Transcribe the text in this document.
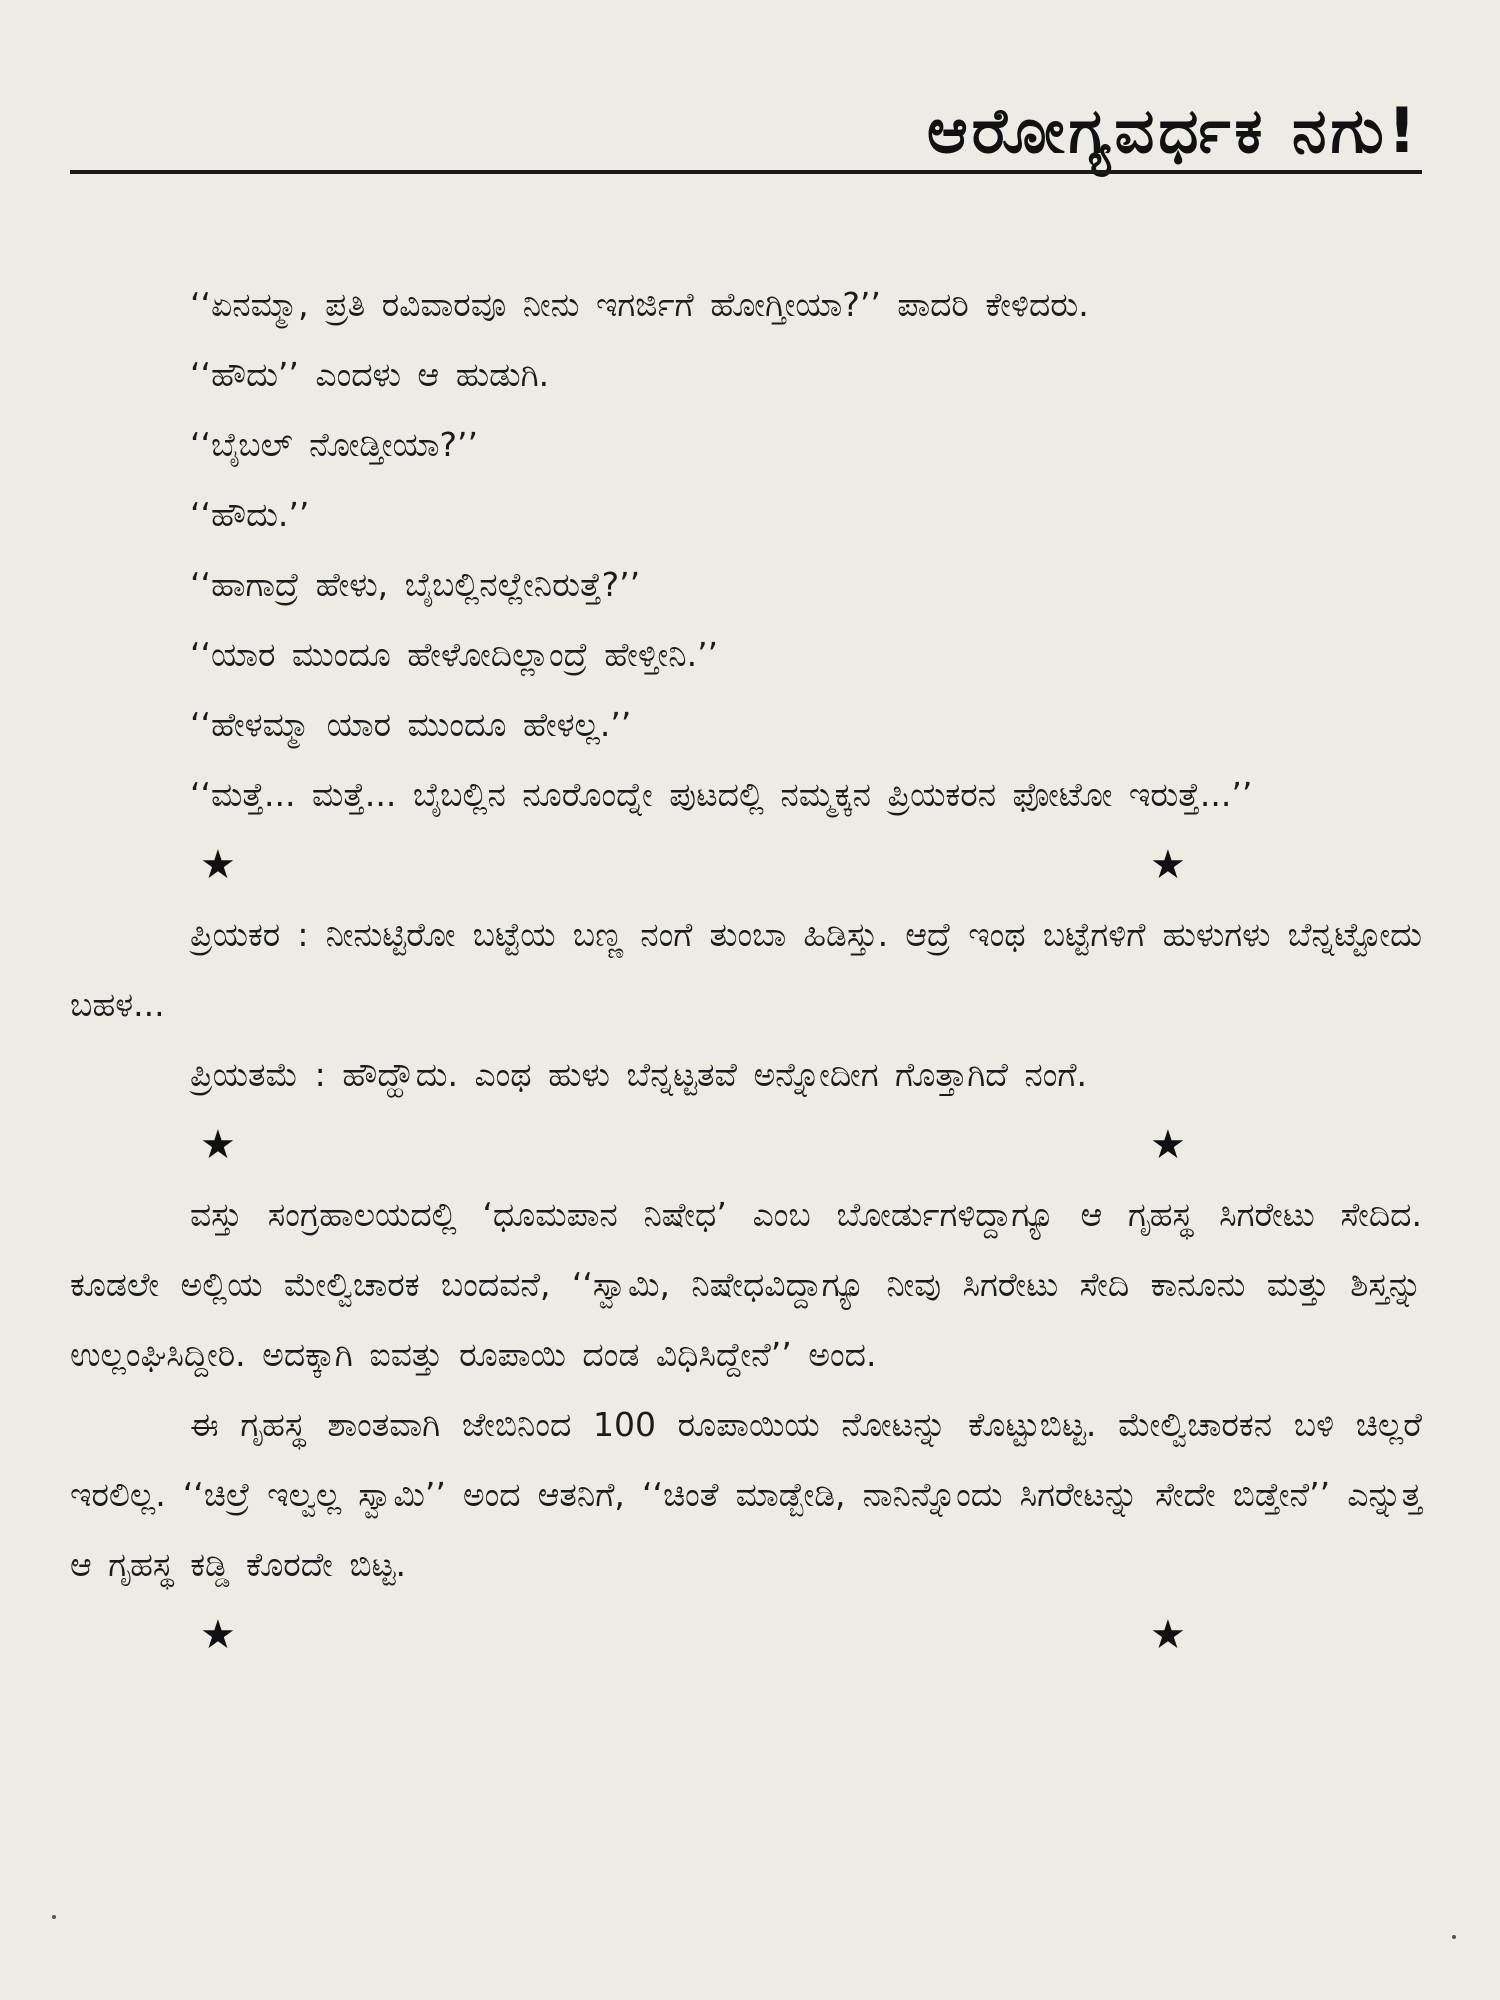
ಆರೋಗ್ಯವರ್ಧಕ ನಗು!

‘‘ಏನಮ್ಮಾ, ಪ್ರತಿ ರವಿವಾರವೂ ನೀನು ಇಗರ್ಜಿಗೆ ಹೋಗ್ತೀಯಾ?’’ ಪಾದರಿ ಕೇಳಿದರು.

‘‘ಹೌದು’’ ಎಂದಳು ಆ ಹುಡುಗಿ.

‘‘ಬೈಬಲ್ ನೋಡ್ತೀಯಾ?’’

‘‘ಹೌದು.’’

‘‘ಹಾಗಾದ್ರೆ ಹೇಳು, ಬೈಬಲ್ಲಿನಲ್ಲೇನಿರುತ್ತೆ?’’

‘‘ಯಾರ ಮುಂದೂ ಹೇಳೋದಿಲ್ಲಾಂದ್ರೆ ಹೇಳ್ತೀನಿ.’’

‘‘ಹೇಳಮ್ಮಾ ಯಾರ ಮುಂದೂ ಹೇಳಲ್ಲ.’’

‘‘ಮತ್ತೆ... ಮತ್ತೆ... ಬೈಬಲ್ಲಿನ ನೂರೊಂದ್ನೇ ಪುಟದಲ್ಲಿ ನಮ್ಮಕ್ಕನ ಪ್ರಿಯಕರನ ಫೋಟೋ ಇರುತ್ತೆ...’’

★	★

ಪ್ರಿಯಕರ : ನೀನುಟ್ಟಿರೋ ಬಟ್ಟೆಯ ಬಣ್ಣ ನಂಗೆ ತುಂಬಾ ಹಿಡಿಸ್ತು. ಆದ್ರೆ ಇಂಥ ಬಟ್ಟೆಗಳಿಗೆ ಹುಳುಗಳು ಬೆನ್ನಟ್ಟೋದು ಬಹಳ...

ಪ್ರಿಯತಮೆ : ಹೌದ್ಹೌದು. ಎಂಥ ಹುಳು ಬೆನ್ನಟ್ಟತವೆ ಅನ್ನೋದೀಗ ಗೊತ್ತಾಗಿದೆ ನಂಗೆ.

★	★

ವಸ್ತು ಸಂಗ್ರಹಾಲಯದಲ್ಲಿ ‘ಧೂಮಪಾನ ನಿಷೇಧ’ ಎಂಬ ಬೋರ್ಡುಗಳಿದ್ದಾಗ್ಯೂ ಆ ಗೃಹಸ್ಥ ಸಿಗರೇಟು ಸೇದಿದ. ಕೂಡಲೇ ಅಲ್ಲಿಯ ಮೇಲ್ವಿಚಾರಕ ಬಂದವನೆ, ‘‘ಸ್ವಾಮಿ, ನಿಷೇಧವಿದ್ದಾಗ್ಯೂ ನೀವು ಸಿಗರೇಟು ಸೇದಿ ಕಾನೂನು ಮತ್ತು ಶಿಸ್ತನ್ನು ಉಲ್ಲಂಘಿಸಿದ್ದೀರಿ. ಅದಕ್ಕಾಗಿ ಐವತ್ತು ರೂಪಾಯಿ ದಂಡ ವಿಧಿಸಿದ್ದೇನೆ’’ ಅಂದ.

ಈ ಗೃಹಸ್ಥ ಶಾಂತವಾಗಿ ಜೇಬಿನಿಂದ 100 ರೂಪಾಯಿಯ ನೋಟನ್ನು ಕೊಟ್ಟುಬಿಟ್ಟ. ಮೇಲ್ವಿಚಾರಕನ ಬಳಿ ಚಿಲ್ಲರೆ ಇರಲಿಲ್ಲ. ‘‘ಚಿಲ್ರೆ ಇಲ್ವಲ್ಲ ಸ್ವಾಮಿ’’ ಅಂದ ಆತನಿಗೆ, ‘‘ಚಿಂತೆ ಮಾಡ್ಬೇಡಿ, ನಾನಿನ್ನೊಂದು ಸಿಗರೇಟನ್ನು ಸೇದೇ ಬಿಡ್ತೇನೆ’’ ಎನ್ನುತ್ತ ಆ ಗೃಹಸ್ಥ ಕಡ್ಡಿ ಕೊರದೇ ಬಿಟ್ಟ.

★	★
